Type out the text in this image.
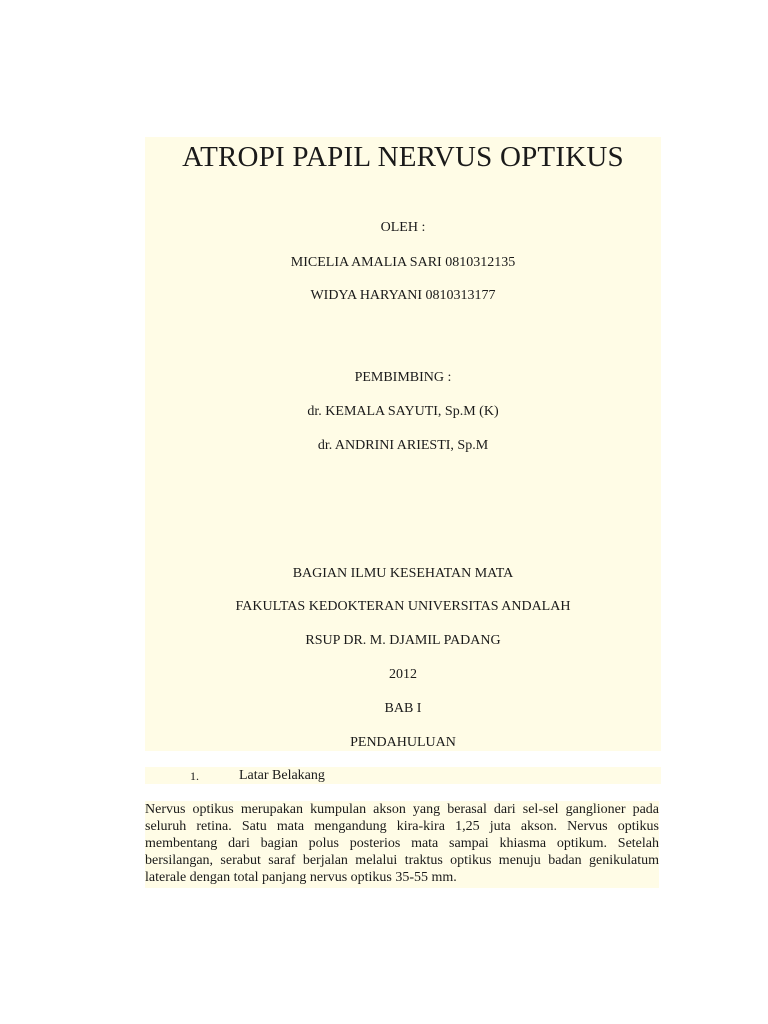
ATROPI PAPIL NERVUS OPTIKUS
OLEH :
MICELIA AMALIA SARI 0810312135
WIDYA HARYANI 0810313177
PEMBIMBING :
dr. KEMALA SAYUTI, Sp.M (K)
dr. ANDRINI ARIESTI, Sp.M
BAGIAN ILMU KESEHATAN MATA
FAKULTAS KEDOKTERAN UNIVERSITAS ANDALAH
RSUP DR. M. DJAMIL PADANG
2012
BAB I
PENDAHULUAN
1.	Latar Belakang

Nervus optikus merupakan kumpulan akson yang berasal dari sel-sel ganglioner pada seluruh retina. Satu mata mengandung kira-kira 1,25 juta akson. Nervus optikus membentang dari bagian polus posterios mata sampai khiasma optikum. Setelah bersilangan, serabut saraf berjalan melalui traktus optikus menuju badan genikulatum laterale dengan total panjang nervus optikus 35-55 mm.
